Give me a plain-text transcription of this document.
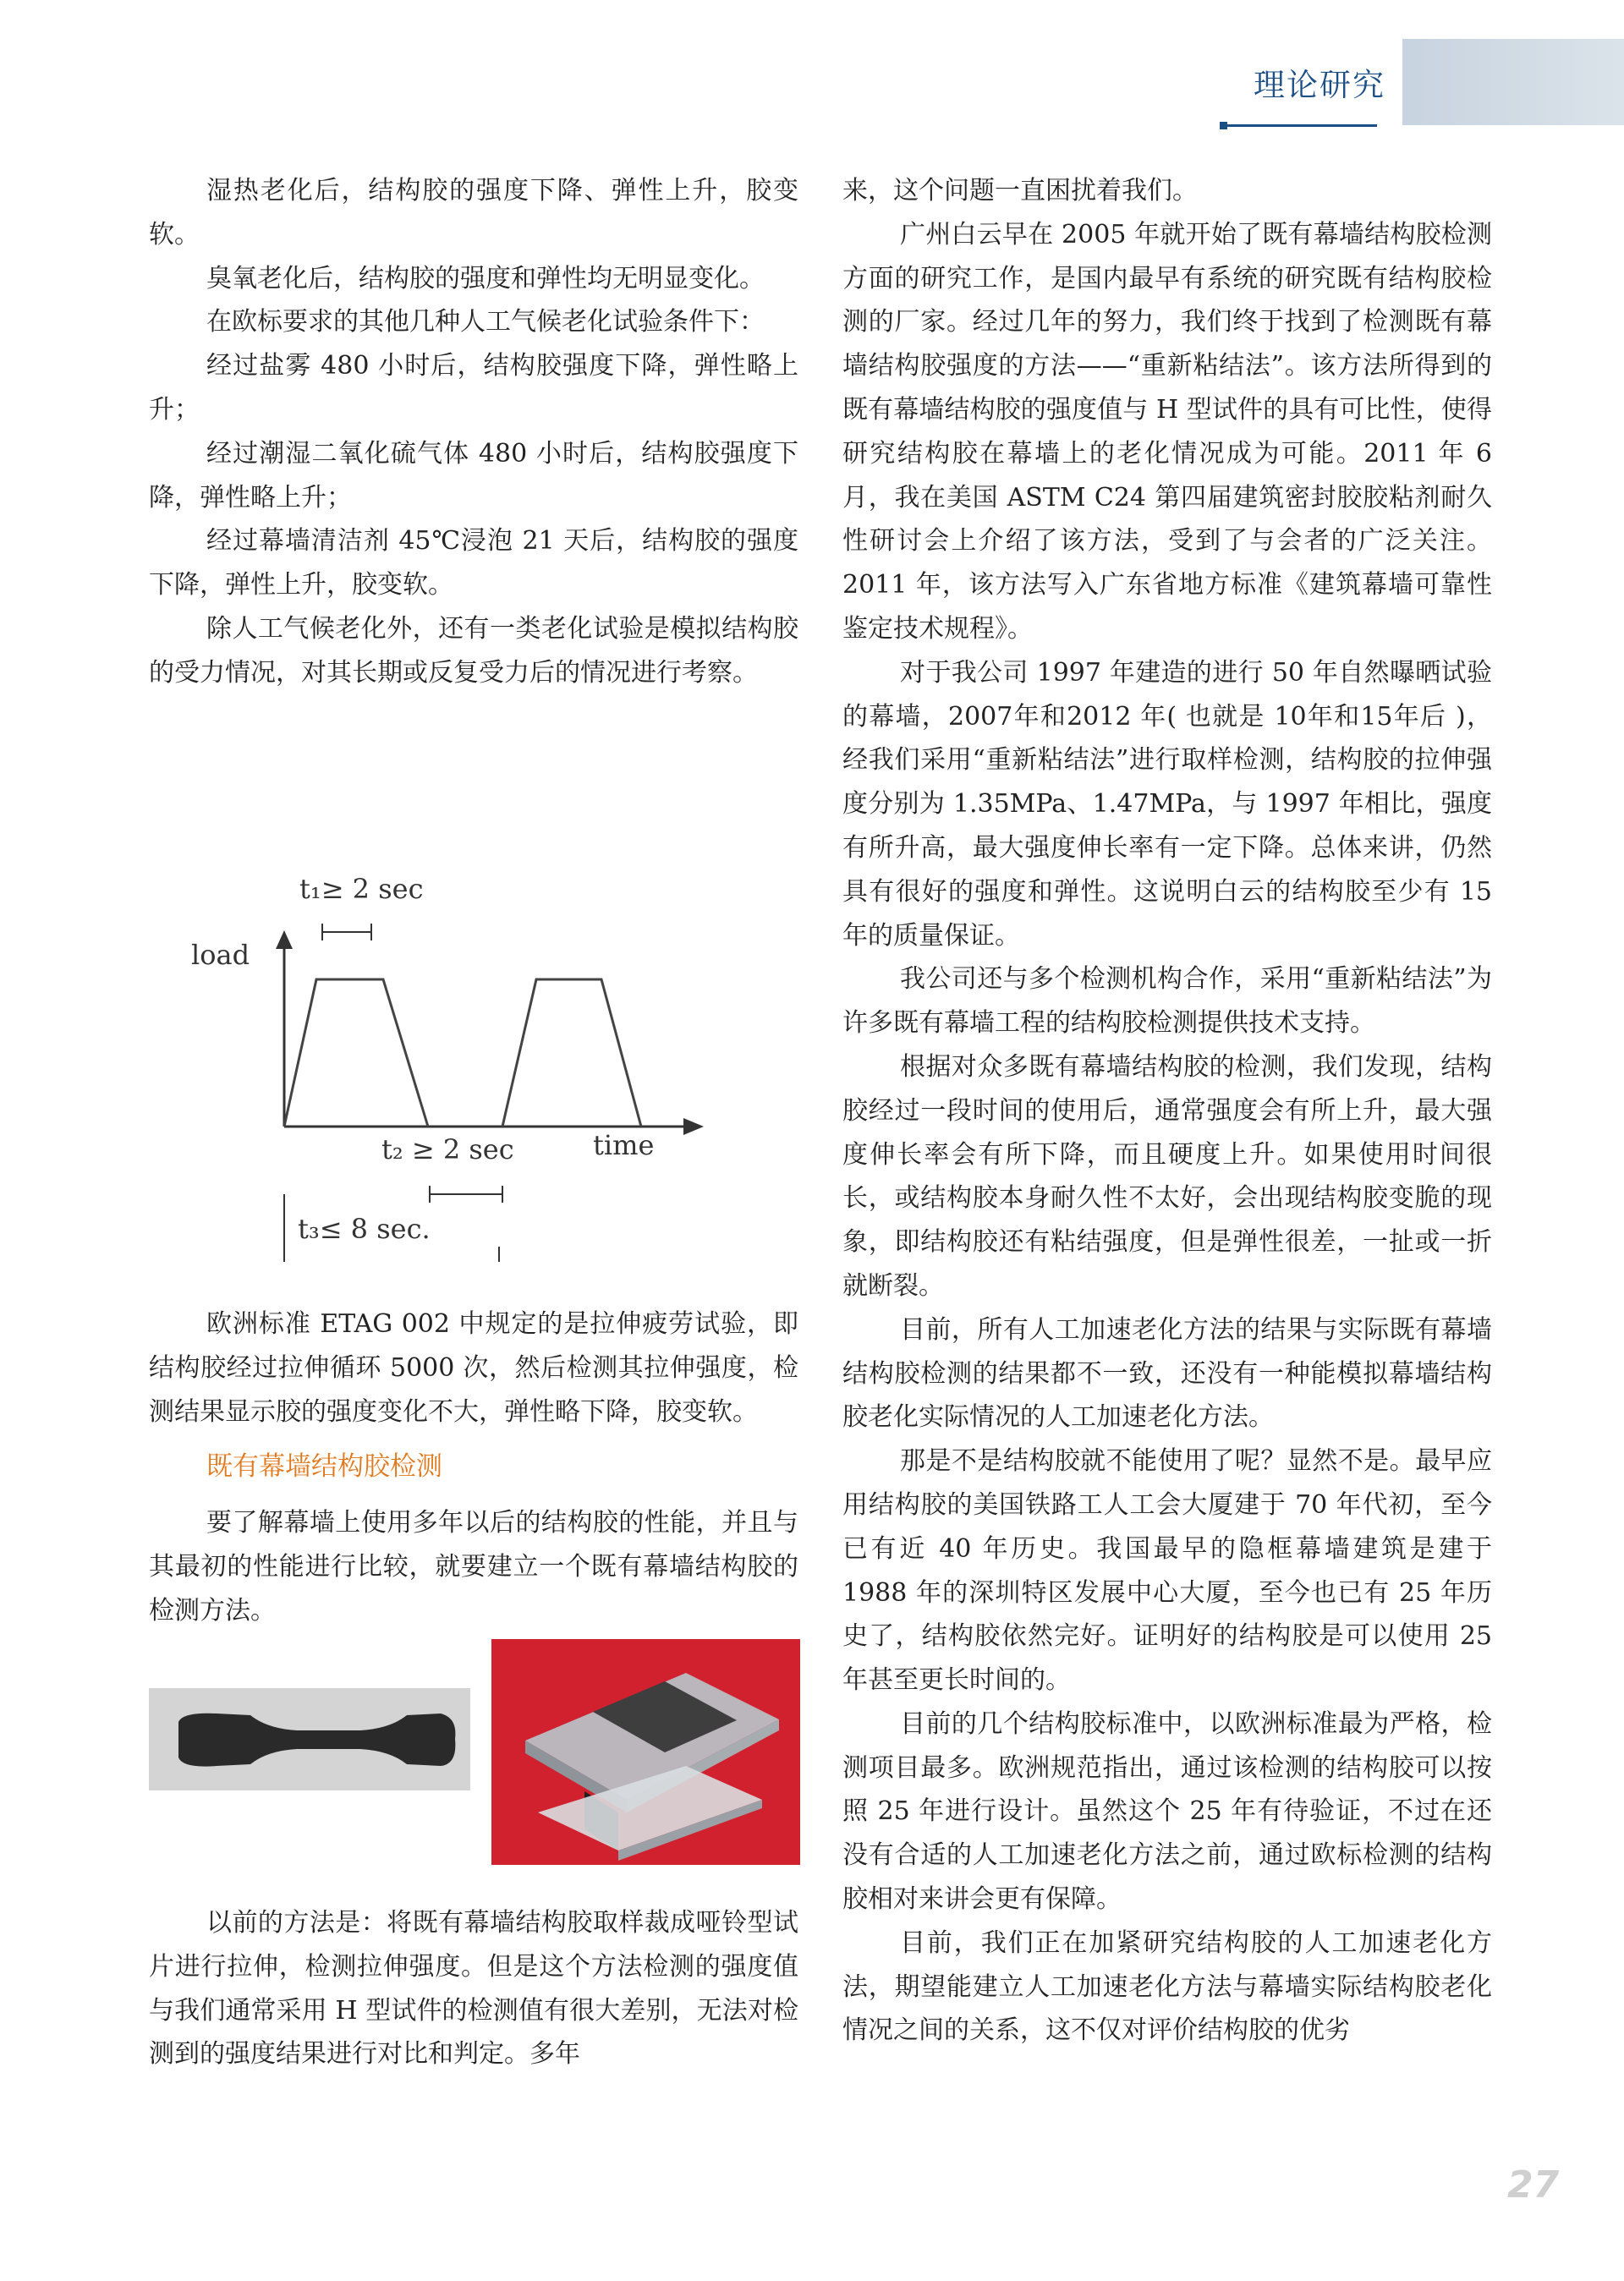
理论研究

湿热老化后，结构胶的强度下降、弹性上升，胶变软。

臭氧老化后，结构胶的强度和弹性均无明显变化。

在欧标要求的其他几种人工气候老化试验条件下：

经过盐雾 480 小时后，结构胶强度下降，弹性略上升；

经过潮湿二氧化硫气体 480 小时后，结构胶强度下降，弹性略上升；

经过幕墙清洁剂 45℃浸泡 21 天后，结构胶的强度下降，弹性上升，胶变软。

除人工气候老化外，还有一类老化试验是模拟结构胶的受力情况，对其长期或反复受力后的情况进行考察。

t₁≥ 2 sec
load
t₂ ≥ 2 sec	time
t₃≤ 8 sec.

欧洲标准 ETAG 002 中规定的是拉伸疲劳试验，即结构胶经过拉伸循环 5000 次，然后检测其拉伸强度，检测结果显示胶的强度变化不大，弹性略下降，胶变软。

既有幕墙结构胶检测

要了解幕墙上使用多年以后的结构胶的性能，并且与其最初的性能进行比较，就要建立一个既有幕墙结构胶的检测方法。

以前的方法是：将既有幕墙结构胶取样裁成哑铃型试片进行拉伸，检测拉伸强度。但是这个方法检测的强度值与我们通常采用 H 型试件的检测值有很大差别，无法对检测到的强度结果进行对比和判定。多年

来，这个问题一直困扰着我们。

广州白云早在 2005 年就开始了既有幕墙结构胶检测方面的研究工作，是国内最早有系统的研究既有结构胶检测的厂家。经过几年的努力，我们终于找到了检测既有幕墙结构胶强度的方法——“重新粘结法”。该方法所得到的既有幕墙结构胶的强度值与 H 型试件的具有可比性，使得研究结构胶在幕墙上的老化情况成为可能。2011 年 6 月，我在美国 ASTM C24 第四届建筑密封胶胶粘剂耐久性研讨会上介绍了该方法，受到了与会者的广泛关注。2011 年，该方法写入广东省地方标准《建筑幕墙可靠性鉴定技术规程》。

对于我公司 1997 年建造的进行 50 年自然曝晒试验的幕墙，2007年和2012 年( 也就是 10年和15年后 )，经我们采用“重新粘结法”进行取样检测，结构胶的拉伸强度分别为 1.35MPa、1.47MPa，与 1997 年相比，强度有所升高，最大强度伸长率有一定下降。总体来讲，仍然具有很好的强度和弹性。这说明白云的结构胶至少有 15 年的质量保证。

我公司还与多个检测机构合作，采用“重新粘结法”为许多既有幕墙工程的结构胶检测提供技术支持。

根据对众多既有幕墙结构胶的检测，我们发现，结构胶经过一段时间的使用后，通常强度会有所上升，最大强度伸长率会有所下降，而且硬度上升。如果使用时间很长，或结构胶本身耐久性不太好，会出现结构胶变脆的现象，即结构胶还有粘结强度，但是弹性很差，一扯或一折就断裂。

目前，所有人工加速老化方法的结果与实际既有幕墙结构胶检测的结果都不一致，还没有一种能模拟幕墙结构胶老化实际情况的人工加速老化方法。

那是不是结构胶就不能使用了呢？显然不是。最早应用结构胶的美国铁路工人工会大厦建于 70 年代初，至今已有近 40 年历史。我国最早的隐框幕墙建筑是建于 1988 年的深圳特区发展中心大厦，至今也已有 25 年历史了，结构胶依然完好。证明好的结构胶是可以使用 25 年甚至更长时间的。

目前的几个结构胶标准中，以欧洲标准最为严格，检测项目最多。欧洲规范指出，通过该检测的结构胶可以按照 25 年进行设计。虽然这个 25 年有待验证，不过在还没有合适的人工加速老化方法之前，通过欧标检测的结构胶相对来讲会更有保障。

目前，我们正在加紧研究结构胶的人工加速老化方法，期望能建立人工加速老化方法与幕墙实际结构胶老化情况之间的关系，这不仅对评价结构胶的优劣

27
